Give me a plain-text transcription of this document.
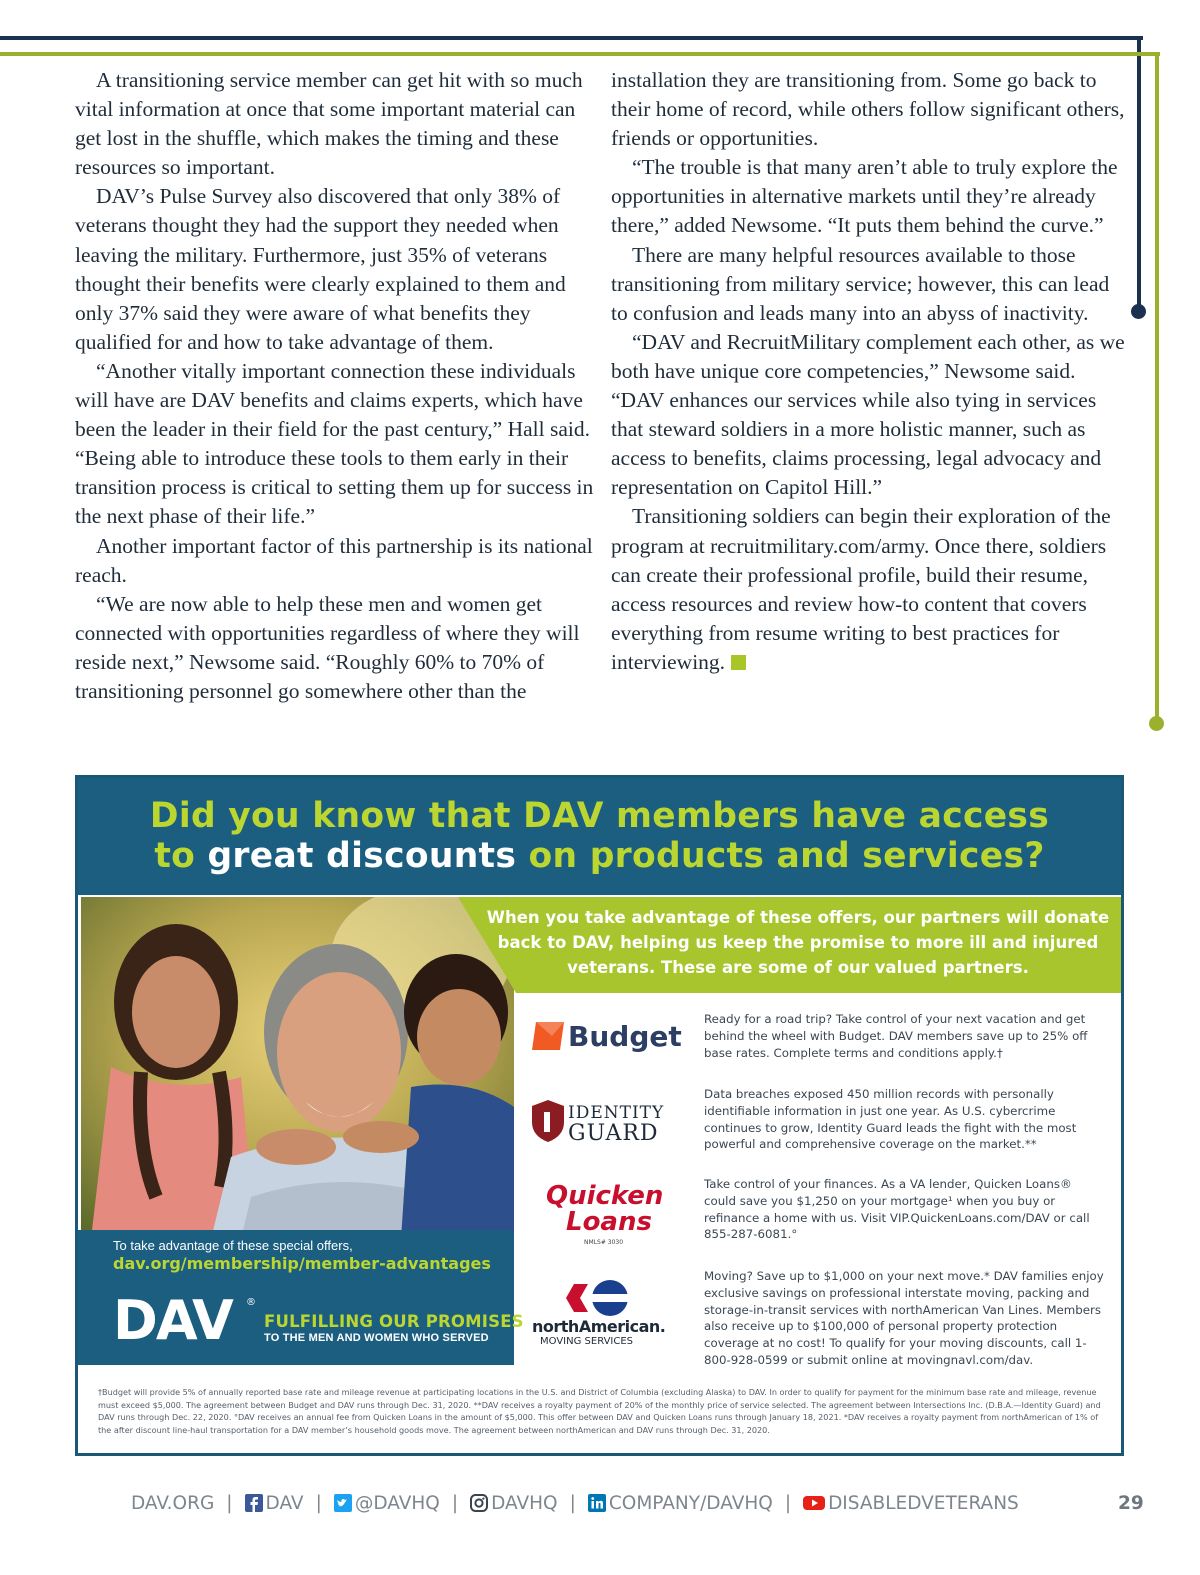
A transitioning service member can get hit with so much vital information at once that some important material can get lost in the shuffle, which makes the timing and these resources so important.

DAV’s Pulse Survey also discovered that only 38% of veterans thought they had the support they needed when leaving the military. Furthermore, just 35% of veterans thought their benefits were clearly explained to them and only 37% said they were aware of what benefits they qualified for and how to take advantage of them.

“Another vitally important connection these individuals will have are DAV benefits and claims experts, which have been the leader in their field for the past century,” Hall said. “Being able to introduce these tools to them early in their transition process is critical to setting them up for success in the next phase of their life.”

Another important factor of this partnership is its national reach.

“We are now able to help these men and women get connected with opportunities regardless of where they will reside next,” Newsome said. “Roughly 60% to 70% of transitioning personnel go somewhere other than the

installation they are transitioning from. Some go back to their home of record, while others follow significant others, friends or opportunities.

“The trouble is that many aren’t able to truly explore the opportunities in alternative markets until they’re already there,” added Newsome. “It puts them behind the curve.”

There are many helpful resources available to those transitioning from military service; however, this can lead to confusion and leads many into an abyss of inactivity.

“DAV and RecruitMilitary complement each other, as we both have unique core competencies,” Newsome said. “DAV enhances our services while also tying in services that steward soldiers in a more holistic manner, such as access to benefits, claims processing, legal advocacy and representation on Capitol Hill.”

Transitioning soldiers can begin their exploration of the program at recruitmilitary.com/army. Once there, soldiers can create their professional profile, build their resume, access resources and review how-to content that covers everything from resume writing to best practices for interviewing.

Did you know that DAV members have access
to great discounts on products and services?
When you take advantage of these offers, our partners will donate back to DAV, helping us keep the promise to more ill and injured veterans. These are some of our valued partners.
To take advantage of these special offers,
dav.org/membership/member-advantages
DAV ®
FULFILLING OUR PROMISES
TO THE MEN AND WOMEN WHO SERVED
Budget
Ready for a road trip? Take control of your next vacation and get behind the wheel with Budget. DAV members save up to 25% off base rates. Complete terms and conditions apply.†
IDENTITY
GUARD
Data breaches exposed 450 million records with personally identifiable information in just one year. As U.S. cybercrime continues to grow, Identity Guard leads the fight with the most powerful and comprehensive coverage on the market.**
Quicken
Loans
NMLS# 3030
Take control of your finances. As a VA lender, Quicken Loans® could save you $1,250 on your mortgage¹ when you buy or refinance a home with us. Visit VIP.QuickenLoans.com/DAV or call 855-287-6081.°
northAmerican.
MOVING SERVICES
Moving? Save up to $1,000 on your next move.* DAV families enjoy exclusive savings on professional interstate moving, packing and storage-in-transit services with northAmerican Van Lines. Members also receive up to $100,000 of personal property protection coverage at no cost! To qualify for your moving discounts, call 1-800-928-0599 or submit online at movingnavl.com/dav.
†Budget will provide 5% of annually reported base rate and mileage revenue at participating locations in the U.S. and District of Columbia (excluding Alaska) to DAV. In order to qualify for payment for the minimum base rate and mileage, revenue must exceed $5,000. The agreement between Budget and DAV runs through Dec. 31, 2020. **DAV receives a royalty payment of 20% of the monthly price of service selected. The agreement between Intersections Inc. (D.B.A.—Identity Guard) and DAV runs through Dec. 22, 2020. °DAV receives an annual fee from Quicken Loans in the amount of $5,000. This offer between DAV and Quicken Loans runs through January 18, 2021. *DAV receives a royalty payment from northAmerican of 1% of the after discount line-haul transportation for a DAV member’s household goods move. The agreement between northAmerican and DAV runs through Dec. 31, 2020.
DAV.ORG | DAV | @DAVHQ | DAVHQ | COMPANY/DAVHQ | DISABLEDVETERANS	29
